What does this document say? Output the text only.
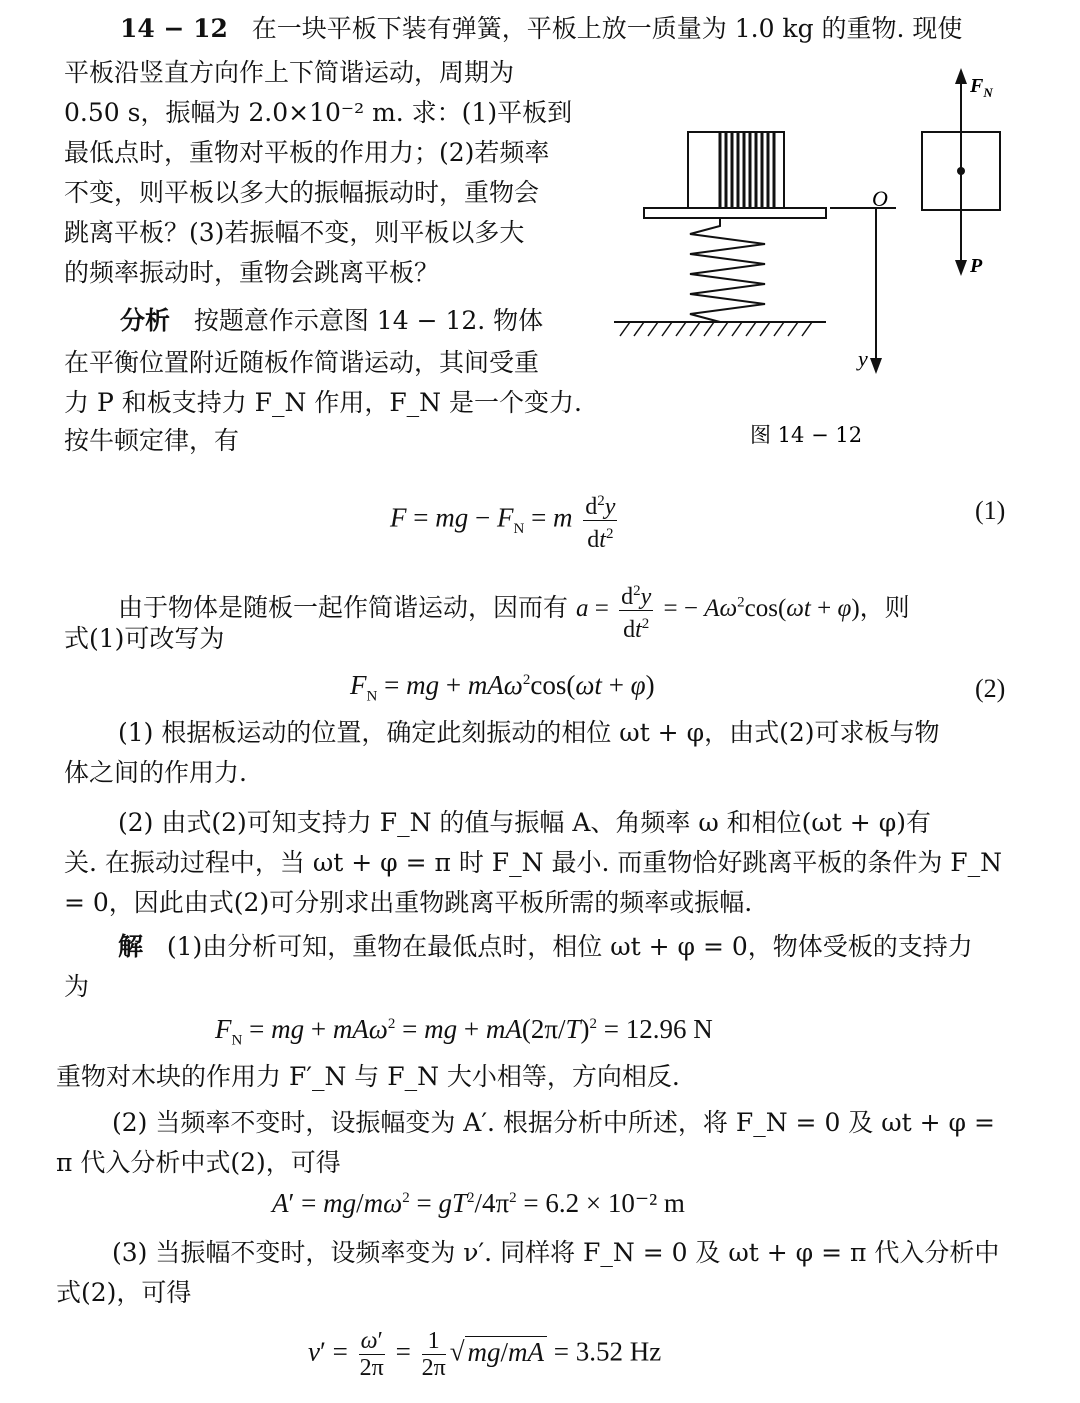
14 − 12 在一块平板下装有弹簧，平板上放一质量为 1.0 kg 的重物. 现使
平板沿竖直方向作上下简谐运动，周期为
0.50 s，振幅为 2.0×10⁻² m. 求：(1)平板到
最低点时，重物对平板的作用力；(2)若频率
不变，则平板以多大的振幅振动时，重物会
跳离平板？(3)若振幅不变，则平板以多大
的频率振动时，重物会跳离平板？
分析 按题意作示意图 14 − 12. 物体
在平衡位置附近随板作简谐运动，其间受重
力 P 和板支持力 F_N 作用，F_N 是一个变力.
按牛顿定律，有
O
y
$F_N$
P
图 14 − 12
F = mg − $F_N = m \frac{d^2y}{dt^2}$	(1)
由于物体是随板一起作简谐运动，因而有 $a = \frac{d^2y}{dt^2}$ = − $A\omega^2\cos(\omega t + \varphi)$，则
式(1)可改写为
$F_N$ = mg + mAω$^2$cos(ωt + φ)	(2)
(1) 根据板运动的位置，确定此刻振动的相位 ωt + φ，由式(2)可求板与物
体之间的作用力.
(2) 由式(2)可知支持力 F_N 的值与振幅 A、角频率 ω 和相位(ωt + φ)有
关. 在振动过程中，当 ωt + φ = π 时 F_N 最小. 而重物恰好跳离平板的条件为 F_N
= 0，因此由式(2)可分别求出重物跳离平板所需的频率或振幅.
解 (1)由分析可知，重物在最低点时，相位 ωt + φ = 0，物体受板的支持力
为
$F_N$ = mg + mAω$^2$ = mg + $mA(2\pi/T)^2 = 12.96$ N
重物对木块的作用力 F′_N 与 F_N 大小相等，方向相反.
(2) 当频率不变时，设振幅变为 A′. 根据分析中所述，将 F_N = 0 及 ωt + φ =
π 代入分析中式(2)，可得
$A' = mg/m\omega^2 = gT^2/4\pi^2 = 6.2 \times 10^{-2}$ m
(3) 当振幅不变时，设频率变为 ν′. 同样将 F_N = 0 及 ωt + φ = π 代入分析中
式(2)，可得
$\nu' = \frac{\omega'}{2\pi} = \frac{1}{2\pi}$ √ mg/mA = 3.52 Hz
